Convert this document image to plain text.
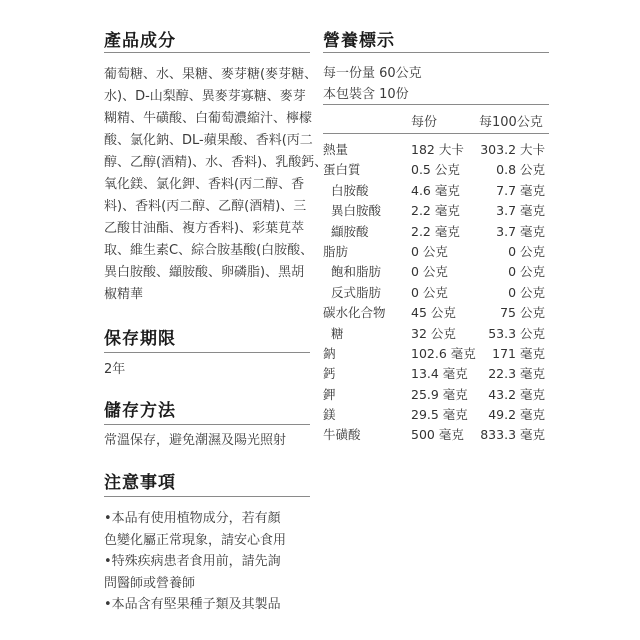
產品成分

葡萄糖、水、果糖、麥芽糖(麥芽糖、
水)、D-山梨醇、異麥芽寡糖、麥芽
糊精、牛磺酸、白葡萄濃縮汁、檸檬
酸、氯化鈉、DL-蘋果酸、香料(丙二
醇、乙醇(酒精)、水、香料)、乳酸鈣、
氧化鎂、氯化鉀、香料(丙二醇、香
料)、香料(丙二醇、乙醇(酒精)、三
乙酸甘油酯、複方香料)、彩葉莧萃
取、維生素C、綜合胺基酸(白胺酸、
異白胺酸、纈胺酸、卵磷脂)、黑胡
椒精華

保存期限

2年

儲存方法

常溫保存，避免潮濕及陽光照射

注意事項

•本品有使用植物成分，若有顏
色變化屬正常現象，請安心食用
•特殊疾病患者食用前，請先詢
問醫師或營養師
•本品含有堅果種子類及其製品

營養標示
每一份量 60公克
本包裝含 10份
每份	每100公克
熱量	182 大卡 303.2 大卡
蛋白質	0.5 公克	0.8 公克
白胺酸	4.6 毫克	7.7 毫克
異白胺酸 2.2 毫克	3.7 毫克
纈胺酸	2.2 毫克	3.7 毫克
脂肪	0 公克	0 公克
飽和脂肪 0 公克	0 公克
反式脂肪 0 公克	0 公克
碳水化合物 45 公克	75 公克
糖	32 公克	53.3 公克
鈉	102.6 毫克 171 毫克
鈣	13.4 毫克 22.3 毫克
鉀	25.9 毫克 43.2 毫克
鎂	29.5 毫克 49.2 毫克
牛磺酸	500 毫克 833.3 毫克
